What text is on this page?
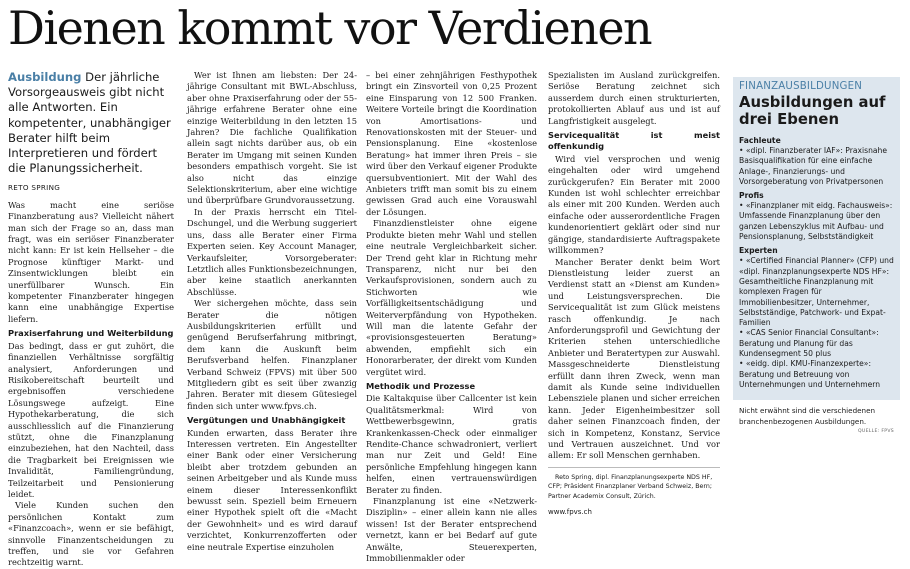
Dienen kommt vor Verdienen

Ausbildung Der jährliche Vorsorgeausweis gibt nicht alle Antworten. Ein kompetenter, unabhängiger Berater hilft beim Interpretieren und fördert die Planungssicherheit.

RETO SPRING

Was macht eine seriöse Finanzberatung aus? Vielleicht nähert man sich der Frage so an, dass man fragt, was ein seriöser Finanzberater nicht kann: Er ist kein Hellseher – die Prognose künftiger Markt- und Zinsentwicklungen bleibt ein unerfüllbarer Wunsch. Ein kompetenter Finanzberater hingegen kann eine unabhängige Expertise liefern.

Praxiserfahrung und Weiterbildung

Das bedingt, dass er gut zuhört, die finanziellen Verhältnisse sorgfältig analysiert, Anforderungen und Risikobereitschaft beurteilt und ergebnisoffen verschiedene Lösungswege aufzeigt. Eine Hypothekarberatung, die sich ausschliesslich auf die Finanzierung stützt, ohne die Finanzplanung einzubeziehen, hat den Nachteil, dass die Tragbarkeit bei Ereignissen wie Invalidität, Familiengründung, Teilzeitarbeit und Pensionierung leidet.

Viele Kunden suchen den persönlichen Kontakt zum «Finanzcoach», wenn er sie befähigt, sinnvolle Finanzentscheidungen zu treffen, und sie vor Gefahren rechtzeitig warnt.

Wer ist Ihnen am liebsten: Der 24-jährige Consultant mit BWL-Abschluss, aber ohne Praxiserfahrung oder der 55-jährige erfahrene Berater ohne eine einzige Weiterbildung in den letzten 15 Jahren? Die fachliche Qualifikation allein sagt nichts darüber aus, ob ein Berater im Umgang mit seinen Kunden besonders empathisch vorgeht. Sie ist also nicht das einzige Selektionskriterium, aber eine wichtige und überprüfbare Grundvoraussetzung.

In der Praxis herrscht ein Titel-Dschungel, und die Werbung suggeriert uns, dass alle Berater einer Firma Experten seien. Key Account Manager, Verkaufsleiter, Vorsorgeberater: Letztlich alles Funktionsbezeichnungen, aber keine staatlich anerkannten Abschlüsse.

Wer sichergehen möchte, dass sein Berater die nötigen Ausbildungskriterien erfüllt und genügend Berufserfahrung mitbringt, dem kann die Auskunft beim Berufsverband helfen. Finanzplaner Verband Schweiz (FPVS) mit über 500 Mitgliedern gibt es seit über zwanzig Jahren. Berater mit diesem Gütesiegel finden sich unter www.fpvs.ch.

Vergütungen und Unabhängigkeit

Kunden erwarten, dass Berater ihre Interessen vertreten. Ein Angestellter einer Bank oder einer Versicherung bleibt aber trotzdem gebunden an seinen Arbeitgeber und als Kunde muss einem dieser Interessenkonflikt bewusst sein. Speziell beim Erneuern einer Hypothek spielt oft die «Macht der Gewohnheit» und es wird darauf verzichtet, Konkurrenzofferten oder eine neutrale Expertise einzuholen

– bei einer zehnjährigen Festhypothek bringt ein Zinsvorteil von 0,25 Prozent eine Einsparung von 12 500 Franken. Weitere Vorteile bringt die Koordination von Amortisations- und Renovationskosten mit der Steuer- und Pensionsplanung. Eine «kostenlose Beratung» hat immer ihren Preis – sie wird über den Verkauf eigener Produkte quersubventioniert. Mit der Wahl des Anbieters trifft man somit bis zu einem gewissen Grad auch eine Vorauswahl der Lösungen.

Finanzdienstleister ohne eigene Produkte bieten mehr Wahl und stellen eine neutrale Vergleichbarkeit sicher. Der Trend geht klar in Richtung mehr Transparenz, nicht nur bei den Verkaufsprovisionen, sondern auch zu Stichworten wie Vorfälligkeitsentschädigung und Weiterverpfändung von Hypotheken. Will man die latente Gefahr der «provisionsgesteuerten Beratung» abwenden, empfiehlt sich ein Honorarberater, der direkt vom Kunden vergütet wird.

Methodik und Prozesse

Die Kaltakquise über Callcenter ist kein Qualitätsmerkmal: Wird von Wettbewerbsgewinn, gratis Krankenkassen-Check oder einmaliger Rendite-Chance schwadroniert, verliert man nur Zeit und Geld! Eine persönliche Empfehlung hingegen kann helfen, einen vertrauenswürdigen Berater zu finden.

Finanzplanung ist eine «Netzwerk-Disziplin» – einer allein kann nie alles wissen! Ist der Berater entsprechend vernetzt, kann er bei Bedarf auf gute Anwälte, Steuerexperten, Immobilienmakler oder

Spezialisten im Ausland zurückgreifen. Seriöse Beratung zeichnet sich ausserdem durch einen strukturierten, protokollierten Ablauf aus und ist auf Langfristigkeit ausgelegt.

Servicequalität ist meist offenkundig

Wird viel versprochen und wenig eingehalten oder wird umgehend zurückgerufen? Ein Berater mit 2000 Kunden ist wohl schlechter erreichbar als einer mit 200 Kunden. Werden auch einfache oder ausserordentliche Fragen kundenorientiert geklärt oder sind nur gängige, standardisierte Auftragspakete willkommen?

Mancher Berater denkt beim Wort Dienstleistung leider zuerst an Verdienst statt an «Dienst am Kunden» und Leistungsversprechen. Die Servicequalität ist zum Glück meistens rasch offenkundig. Je nach Anforderungsprofil und Gewichtung der Kriterien stehen unterschiedliche Anbieter und Beratertypen zur Auswahl. Massgeschneiderte Dienstleistung erfüllt dann ihren Zweck, wenn man damit als Kunde seine individuellen Lebensziele planen und sicher erreichen kann. Jeder Eigenheimbesitzer soll daher seinen Finanzcoach finden, der sich in Kompetenz, Konstanz, Service und Vertrauen auszeichnet. Und vor allem: Er soll Menschen gernhaben.

Reto Spring, dipl. Finanzplanungsexperte NDS HF, CFP; Präsident Finanzplaner Verband Schweiz, Bern; Partner Academix Consult, Zürich.

www.fpvs.ch
FINANZAUSBILDUNGEN
Ausbildungen auf drei Ebenen
Fachleute
• «dipl. Finanzberater IAF»: Praxisnahe Basisqualifikation für eine einfache Anlage-, Finanzierungs- und Vorsorgeberatung von Privatpersonen
Profis
• «Finanzplaner mit eidg. Fachausweis»: Umfassende Finanzplanung über den ganzen Lebenszyklus mit Aufbau- und Pensionsplanung, Selbstständigkeit
Experten
• «Certified Financial Planner» (CFP) und «dipl. Finanzplanungsexperte NDS HF»: Gesamtheitliche Finanzplanung mit komplexen Fragen für Immobilienbesitzer, Unternehmer, Selbstständige, Patchwork- und Expat-Familien
• «CAS Senior Financial Consultant»: Beratung und Planung für das Kundensegment 50 plus
• «eidg. dipl. KMU-Finanzexperte»: Beratung und Betreuung von Unternehmungen und Unternehmern
Nicht erwähnt sind die verschiedenen branchenbezogenen Ausbildungen.
QUELLE: FPVS
